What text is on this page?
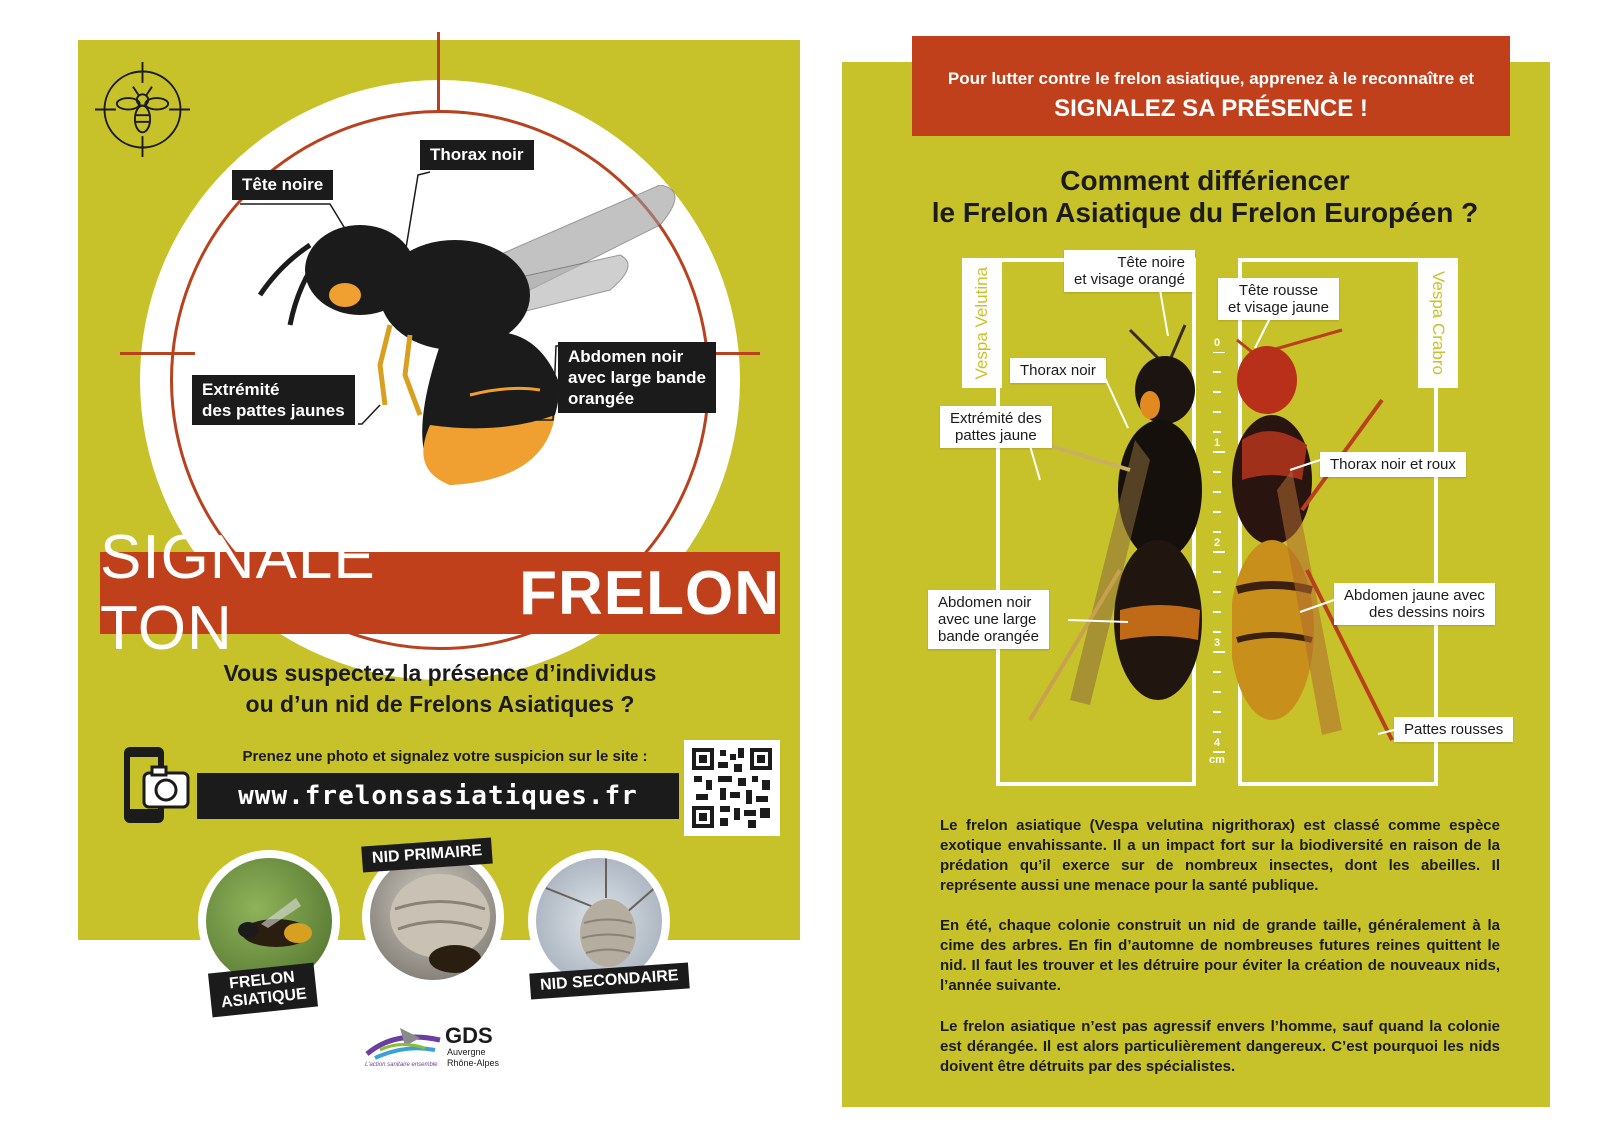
Tête noire
Thorax noir
Abdomen noir
avec large bande
orangée
Extrémité
des pattes jaunes
SIGNALE TON
FRELON
Vous suspectez la présence d’individus
ou d’un nid de Frelons Asiatiques ?
Prenez une photo et signalez votre suspicion sur le site :
www.frelonsasiatiques.fr
FRELON
ASIATIQUE
NID PRIMAIRE
NID SECONDAIRE
GDS
Auvergne
Rhône-Alpes
L'action sanitaire ensemble
Pour lutter contre le frelon asiatique, apprenez à le reconnaître et
SIGNALEZ SA PRÉSENCE !
Comment différiencer
le Frelon Asiatique du Frelon Européen ?
Vespa Velutina	Vespa Crabro
0
1
2
3
4
cm
Tête noire
et visage orangé
Tête rousse
et visage jaune
Thorax noir
Extrémité des
pattes jaune
Thorax noir et roux
Abdomen noir
avec une large
bande orangée
Abdomen jaune avec
des dessins noirs
Pattes rousses
Le frelon asiatique (Vespa velutina nigrithorax) est classé comme espèce exotique envahissante. Il a un impact fort sur la biodiversité en raison de la prédation qu’il exerce sur de nombreux insectes, dont les abeilles. Il représente aussi une menace pour la santé publique.
En été, chaque colonie construit un nid de grande taille, généralement à la cime des arbres. En fin d’automne de nombreuses futures reines quittent le nid. Il faut les trouver et les détruire pour éviter la création de nouveaux nids, l’année suivante.
Le frelon asiatique n’est pas agressif envers l’homme, sauf quand la colonie est dérangée. Il est alors particulièrement dangereux. C’est pourquoi les nids doivent être détruits par des spécialistes.
Création Graphique : Bérénice 06 89 06 52 83 Impression : ESPRIT COM Ne pas jeter sur la voie publique
